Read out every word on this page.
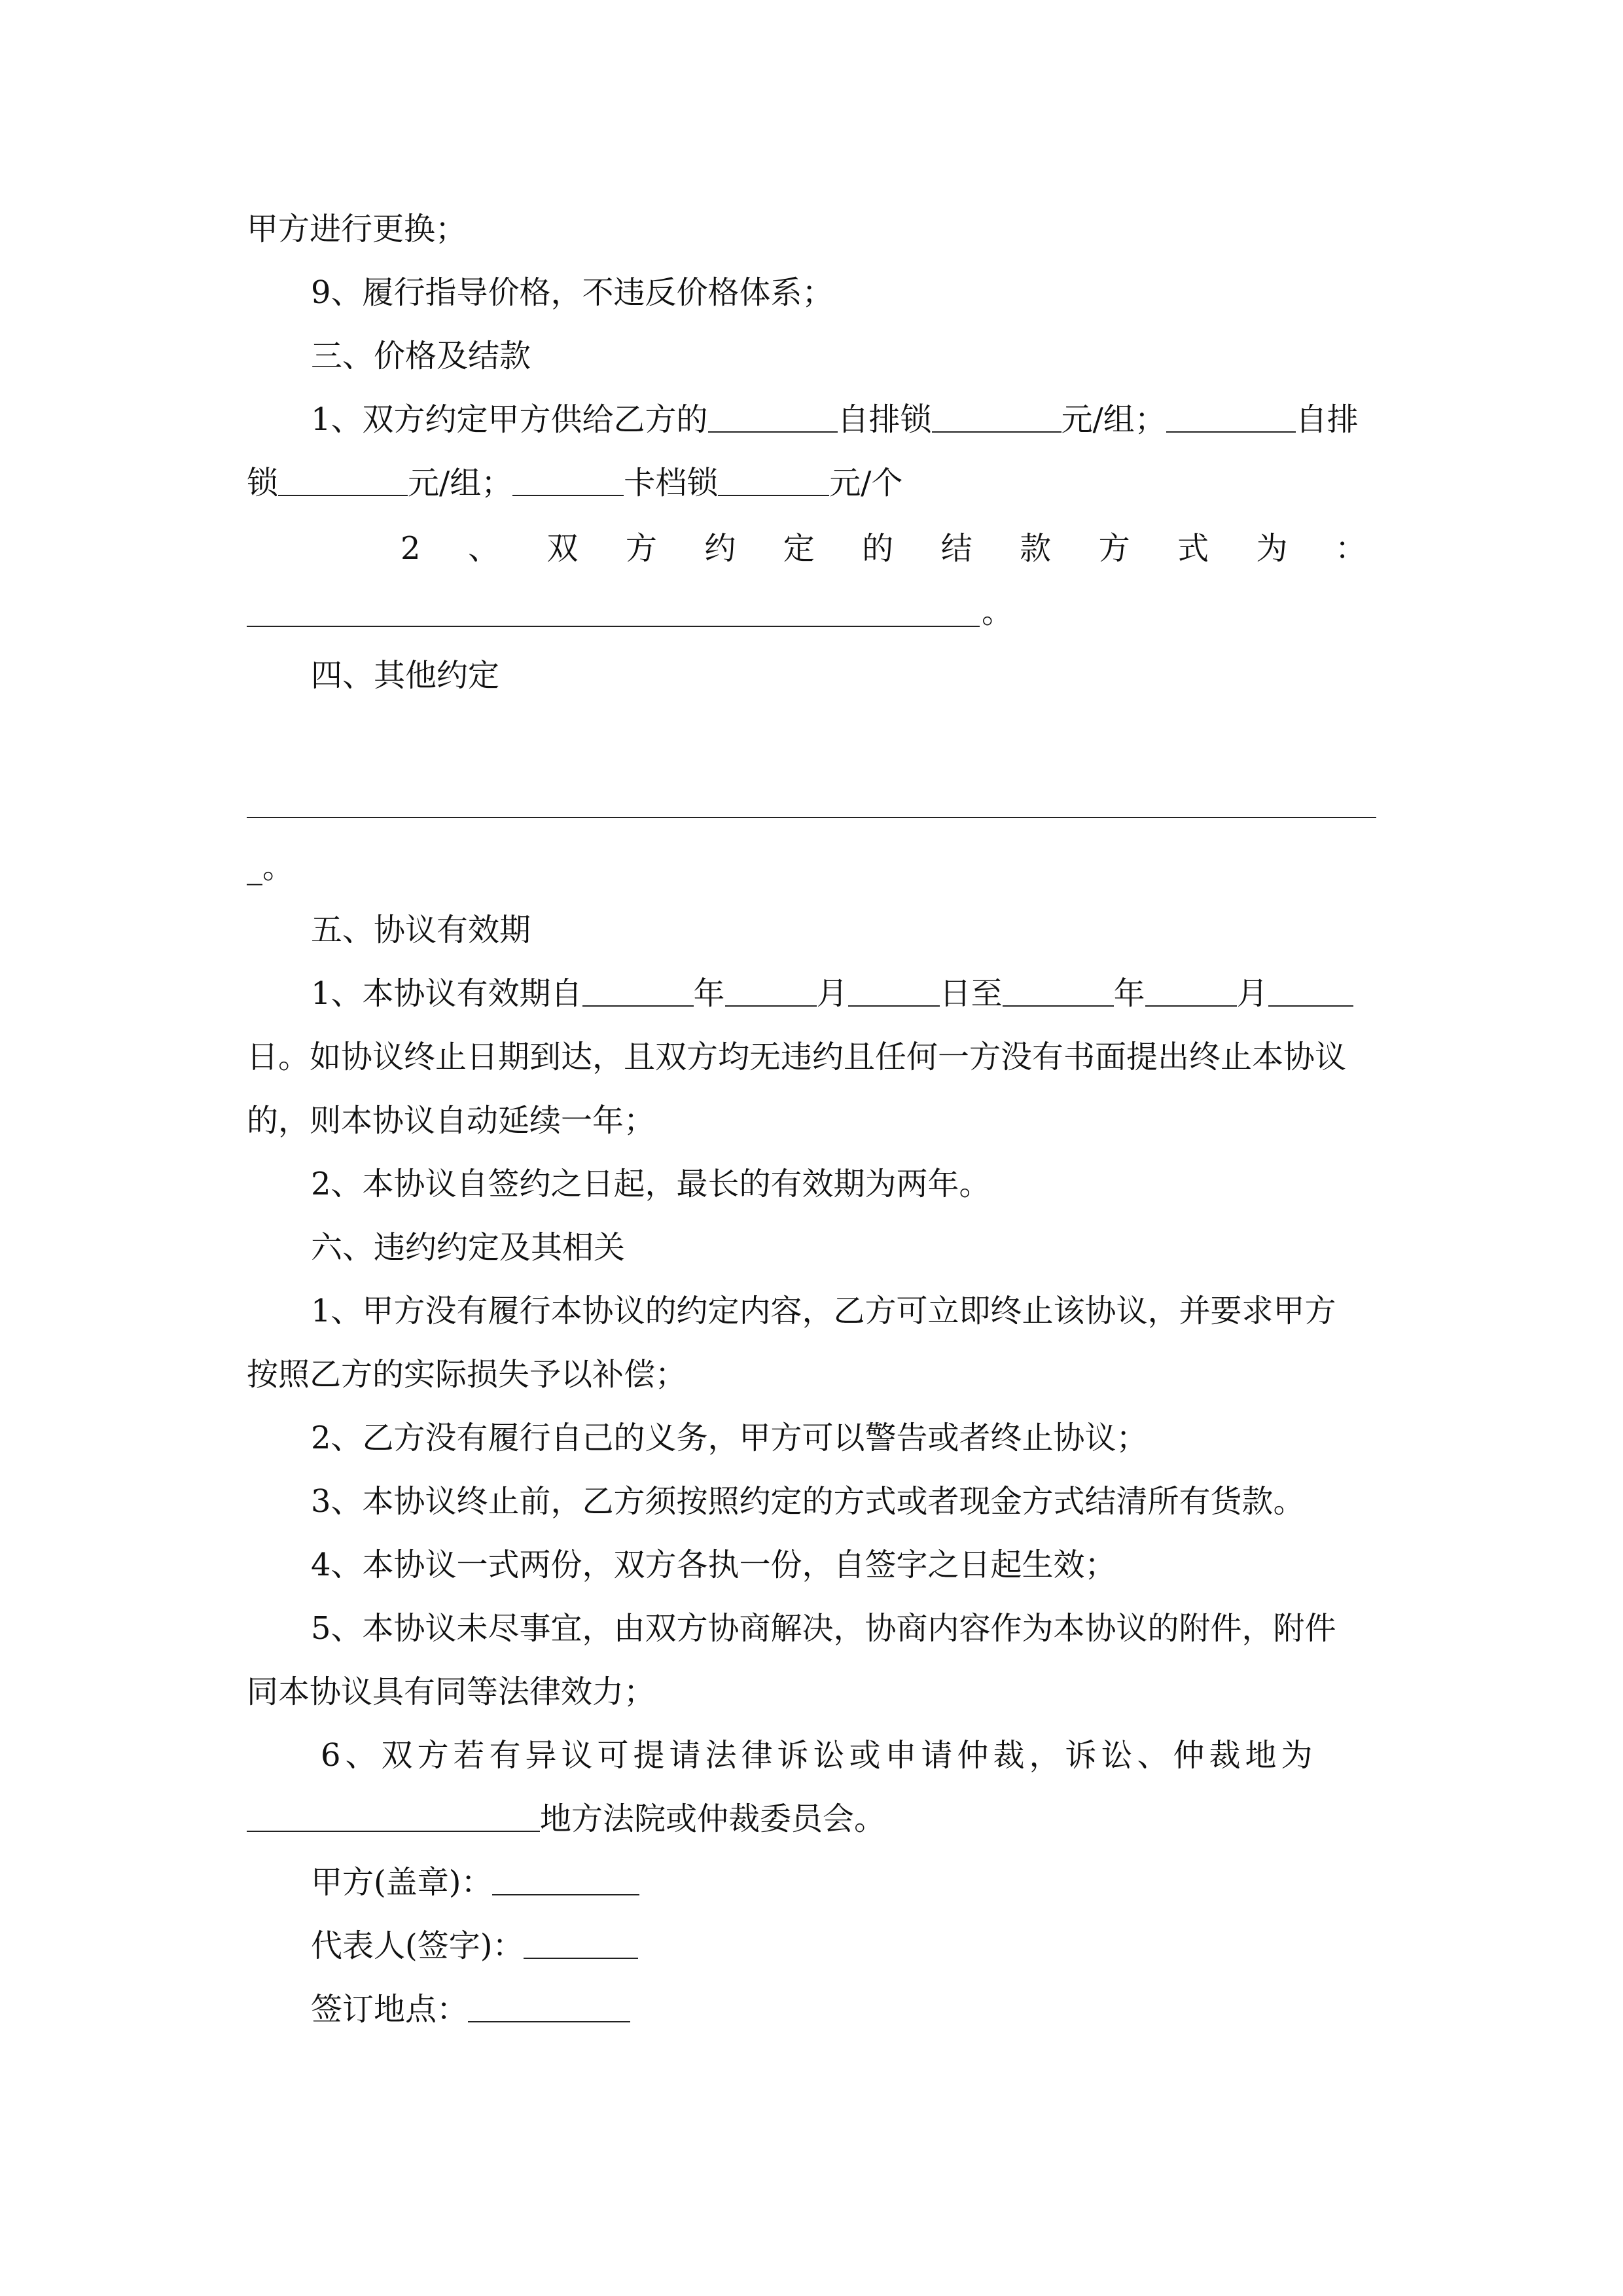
甲方进行更换；
9、履行指导价格，不违反价格体系；
三、价格及结款
1、双方约定甲方供给乙方的	自排锁	元/组；	自排
锁	元/组；	卡档锁	元/个
2 、 双 方 约 定 的 结 款 方 式 为 ：
。
四、其他约定
_。
五、协议有效期
1、本协议有效期自	年	月	日至	年	月
日。如协议终止日期到达，且双方均无违约且任何一方没有书面提出终止本协议
的，则本协议自动延续一年；
2、本协议自签约之日起，最长的有效期为两年。
六、违约约定及其相关
1、甲方没有履行本协议的约定内容，乙方可立即终止该协议，并要求甲方
按照乙方的实际损失予以补偿；
2、乙方没有履行自己的义务，甲方可以警告或者终止协议；
3、本协议终止前，乙方须按照约定的方式或者现金方式结清所有货款。
4、本协议一式两份，双方各执一份，自签字之日起生效；
5、本协议未尽事宜，由双方协商解决，协商内容作为本协议的附件，附件
同本协议具有同等法律效力；
6、双方若有异议可提请法律诉讼或申请仲裁，诉讼、仲裁地为
地方法院或仲裁委员会。
甲方(盖章)：
代表人(签字)：
签订地点：
